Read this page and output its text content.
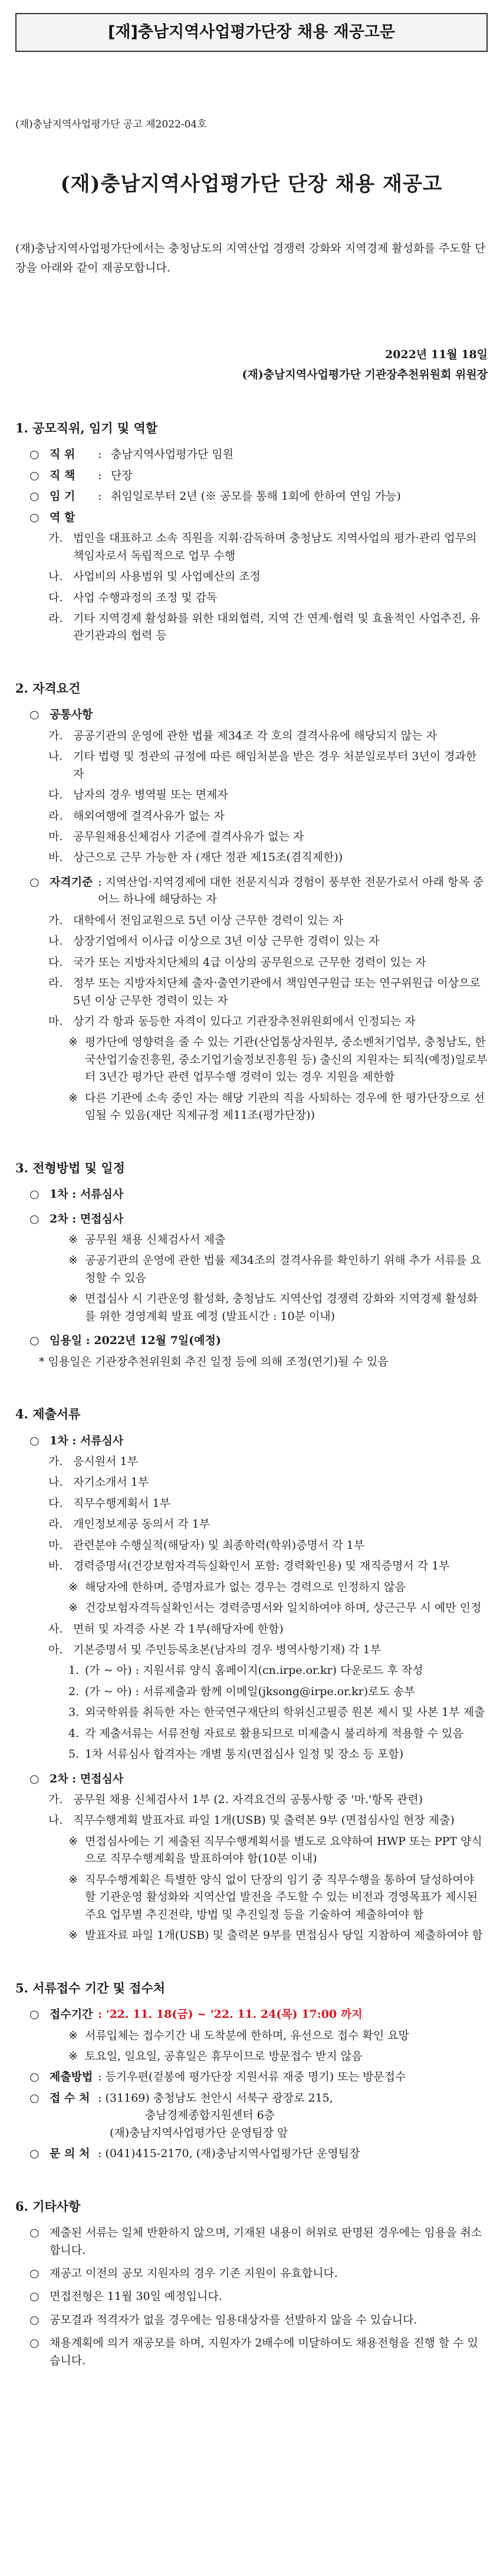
[재]충남지역사업평가단장 채용 재공고문
(재)충남지역사업평가단 공고 제2022-04호
(재)충남지역사업평가단 단장 채용 재공고
(재)충남지역사업평가단에서는 충청남도의 지역산업 경쟁력 강화와 지역경제 활성화를 주도할 단장을 아래와 같이 재공모합니다.
2022년 11월 18일
(재)충남지역사업평가단 기관장추천위원회 위원장
1. 공모직위, 임기 및 역할
○ 직 위	: 충남지역사업평가단 임원
○ 직 책	: 단장
○ 임 기	: 취임일로부터 2년 (※ 공모를 통해 1회에 한하여 연임 가능)
○ 역 할
가. 법인을 대표하고 소속 직원을 지휘·감독하며 충청남도 지역사업의 평가·관리 업무의 책임자로서 독립적으로 업무 수행
나. 사업비의 사용범위 및 사업예산의 조정
다. 사업 수행과정의 조정 및 감독
라. 기타 지역경제 활성화를 위한 대외협력, 지역 간 연계·협력 및 효율적인 사업추진, 유관기관과의 협력 등
2. 자격요건
○ 공통사항
가. 공공기관의 운영에 관한 법률 제34조 각 호의 결격사유에 해당되지 않는 자
나. 기타 법령 및 정관의 규정에 따른 해임처분을 받은 경우 처분일로부터 3년이 경과한 자
다. 남자의 경우 병역필 또는 면제자
라. 해외여행에 결격사유가 없는 자
마. 공무원채용신체검사 기준에 결격사유가 없는 자
바. 상근으로 근무 가능한 자 (재단 정관 제15조(겸직제한))
○ 자격기준 : 지역산업·지역경제에 대한 전문지식과 경험이 풍부한 전문가로서 아래 항목 중 어느 하나에 해당하는 자
가. 대학에서 전임교원으로 5년 이상 근무한 경력이 있는 자
나. 상장기업에서 이사급 이상으로 3년 이상 근무한 경력이 있는 자
다. 국가 또는 지방자치단체의 4급 이상의 공무원으로 근무한 경력이 있는 자
라. 정부 또는 지방자치단체 출자·출연기관에서 책임연구원급 또는 연구위원급 이상으로 5년 이상 근무한 경력이 있는 자
마. 상기 각 항과 동등한 자격이 있다고 기관장추천위원회에서 인정되는 자
※ 평가단에 영향력을 줄 수 있는 기관(산업통상자원부, 중소벤처기업부, 충청남도, 한국산업기술진흥원, 중소기업기술정보진흥원 등) 출신의 지원자는 퇴직(예정)일로부터 3년간 평가단 관련 업무수행 경력이 있는 경우 지원을 제한함
※ 다른 기관에 소속 중인 자는 해당 기관의 직을 사퇴하는 경우에 한 평가단장으로 선임될 수 있음(재단 직제규정 제11조(평가단장))
3. 전형방법 및 일정
○ 1차 : 서류심사
○ 2차 : 면접심사
※ 공무원 채용 신체검사서 제출
※ 공공기관의 운영에 관한 법률 제34조의 결격사유를 확인하기 위해 추가 서류를 요청할 수 있음
※ 면접심사 시 기관운영 활성화, 충청남도 지역산업 경쟁력 강화와 지역경제 활성화를 위한 경영계획 발표 예정 (발표시간 : 10분 이내)
○ 임용일 : 2022년 12월 7일(예정)
* 임용일은 기관장추천위원회 추진 일정 등에 의해 조정(연기)될 수 있음
4. 제출서류
○ 1차 : 서류심사
가. 응시원서 1부
나. 자기소개서 1부
다. 직무수행계획서 1부
라. 개인정보제공 동의서 각 1부
마. 관련분야 수행실적(해당자) 및 최종학력(학위)증명서 각 1부
바. 경력증명서(건강보험자격득실확인서 포함: 경력확인용) 및 재직증명서 각 1부
※ 해당자에 한하며, 증명자료가 없는 경우는 경력으로 인정하지 않음
※ 건강보험자격득실확인서는 경력증명서와 일치하여야 하며, 상근근무 시 예만 인정
사. 면허 및 자격증 사본 각 1부(해당자에 한함)
아. 기본증명서 및 주민등록초본(남자의 경우 병역사항기재) 각 1부
1. (가 ~ 아) : 지원서류 양식 홈페이지(cn.irpe.or.kr) 다운로드 후 작성
2. (가 ~ 아) : 서류제출과 함께 이메일(jksong@irpe.or.kr)로도 송부
3. 외국학위를 취득한 자는 한국연구재단의 학위신고필증 원본 제시 및 사본 1부 제출
4. 각 제출서류는 서류전형 자료로 활용되므로 미제출시 불리하게 적용할 수 있음
5. 1차 서류심사 합격자는 개별 통지(면접심사 일정 및 장소 등 포함)
○ 2차 : 면접심사
가. 공무원 채용 신체검사서 1부 (2. 자격요건의 공통사항 중 '마.'항목 관련)
나. 직무수행계획 발표자료 파일 1개(USB) 및 출력본 9부 (면접심사일 현장 제출)
※ 면접심사에는 기 제출된 직무수행계획서를 별도로 요약하여 HWP 또는 PPT 양식으로 직무수행계획을 발표하여야 함(10분 이내)
※ 직무수행계획은 특별한 양식 없이 단장의 임기 중 직무수행을 통하여 달성하여야 할 기관운영 활성화와 지역산업 발전을 주도할 수 있는 비전과 경영목표가 제시된 주요 업무별 추진전략, 방법 및 추진일정 등을 기술하여 제출하여야 함
※ 발표자료 파일 1개(USB) 및 출력본 9부를 면접심사 당일 지참하여 제출하여야 함
5. 서류접수 기간 및 접수처
○ 접수기간 : '22. 11. 18(금) ~ '22. 11. 24(목) 17:00 까지
※ 서류입체는 접수기간 내 도착분에 한하며, 유선으로 접수 확인 요망
※ 토요일, 일요일, 공휴일은 휴무이므로 방문접수 받지 않음
○ 제출방법 : 등기우편(겉봉에 평가단장 지원서류 재중 명기) 또는 방문접수
○ 접 수 처 : (31169) 충청남도 천안시 서북구 광장로 215,
충남경제종합지원센터 6층
(재)충남지역사업평가단 운영팀장 앞
○ 문 의 처 : (041)415-2170, (재)충남지역사업평가단 운영팀장
6. 기타사항
○ 제출된 서류는 일체 반환하지 않으며, 기재된 내용이 허위로 판명된 경우에는 임용을 취소합니다.
○ 재공고 이전의 공모 지원자의 경우 기존 지원이 유효합니다.
○ 면접전형은 11월 30일 예정입니다.
○ 공모결과 적격자가 없을 경우에는 임용대상자를 선발하지 않을 수 있습니다.
○ 채용계획에 의거 재공모를 하며, 지원자가 2배수에 미달하여도 채용전형을 진행 할 수 있습니다.
